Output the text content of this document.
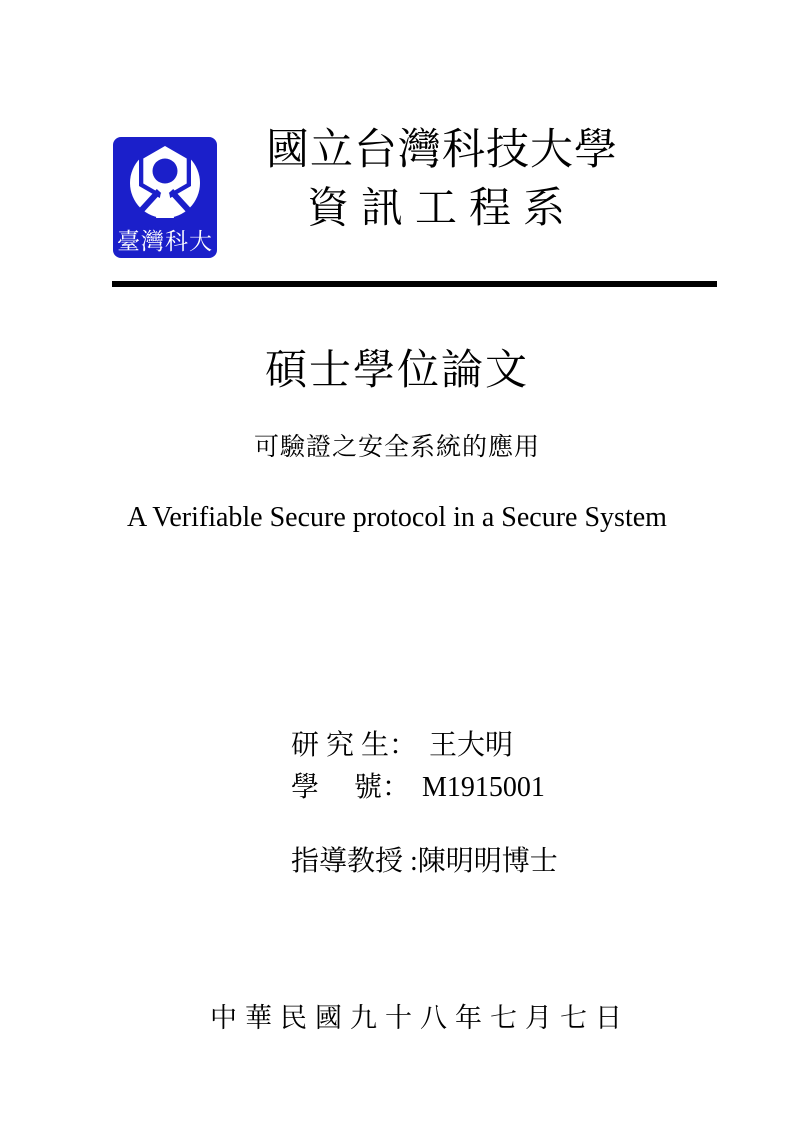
臺灣科大
國立台灣科技大學
資訊工程系
碩士學位論文
可驗證之安全系統的應用
A Verifiable Secure protocol in a Secure System
研 究 生： 王大明
學　 號： M1915001
指導教授 :陳明明博士
中華民國九十八年七月七日
